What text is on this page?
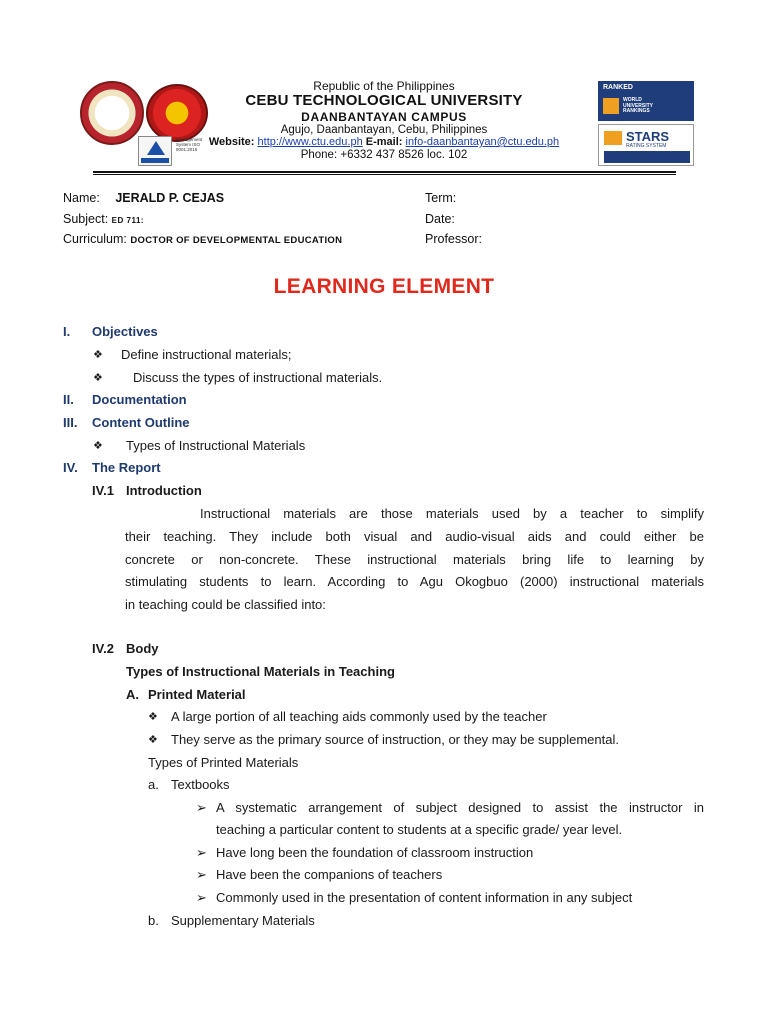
Management System ISO 9001:2015
Republic of the Philippines
CEBU TECHNOLOGICAL UNIVERSITY
DAANBANTAYAN CAMPUS
Agujo, Daanbantayan, Cebu, Philippines
Website: http://www.ctu.edu.ph E-mail: info-daanbantayan@ctu.edu.ph
Phone: +6332 437 8526 loc. 102
RANKED
WORLD
UNIVERSITY
RANKINGS
STARS
RATING SYSTEM
Name: JERALD P. CEJAS
Subject: ED 711:
Curriculum: DOCTOR OF DEVELOPMENTAL EDUCATION
Term:
Date:
Professor:
LEARNING ELEMENT
I. Objectives
❖ Define instructional materials;
❖ Discuss the types of instructional materials.
II. Documentation
III. Content Outline
❖ Types of Instructional Materials
IV. The Report
IV.1 Introduction
Instructional materials are those materials used by a teacher to simplify
their teaching. They include both visual and audio-visual aids and could either be
concrete or non-concrete. These instructional materials bring life to learning by
stimulating students to learn. According to Agu Okogbuo (2000) instructional materials
in teaching could be classified into:
IV.2 Body
Types of Instructional Materials in Teaching
A. Printed Material
❖ A large portion of all teaching aids commonly used by the teacher
❖ They serve as the primary source of instruction, or they may be supplemental.
Types of Printed Materials
a. Textbooks
➢ A systematic arrangement of subject designed to assist the instructor in
teaching a particular content to students at a specific grade/ year level.
➢ Have long been the foundation of classroom instruction
➢ Have been the companions of teachers
➢ Commonly used in the presentation of content information in any subject
b. Supplementary Materials
